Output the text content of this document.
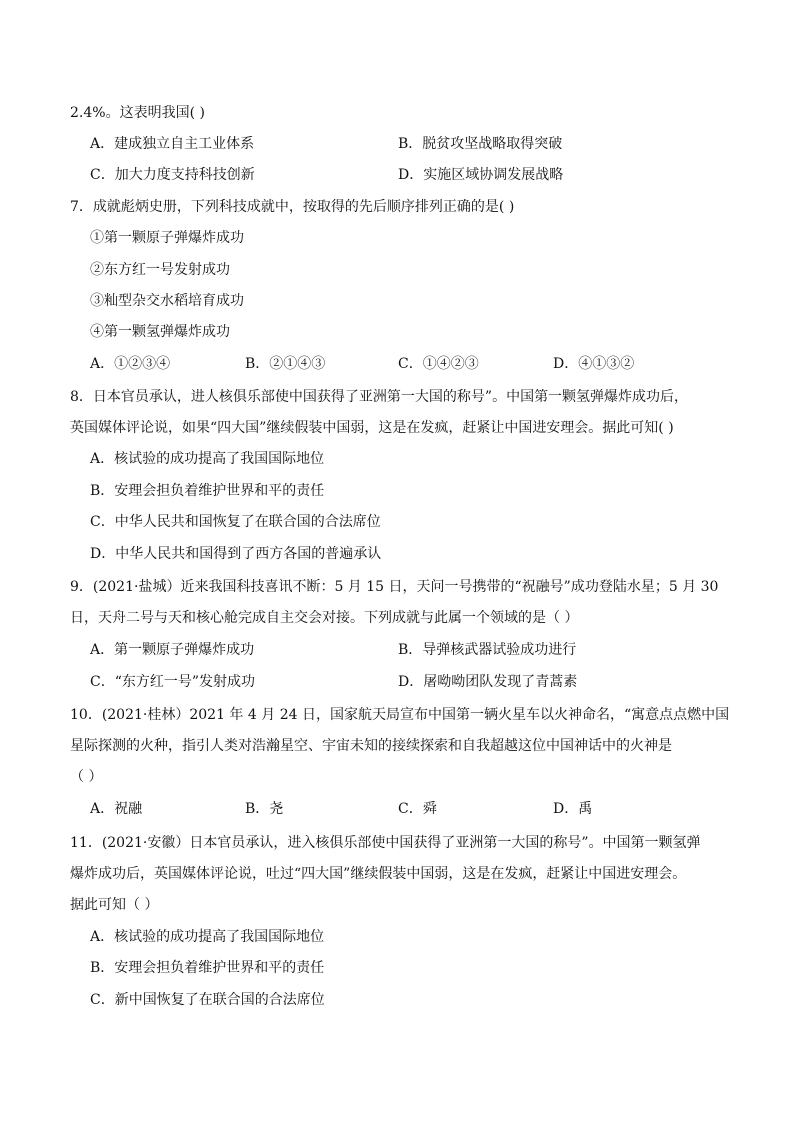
2.4%。这表明我国( )
A．建成独立自主工业体系	B．脱贫攻坚战略取得突破
C．加大力度支持科技创新	D．实施区域协调发展战略
7．成就彪炳史册，下列科技成就中，按取得的先后顺序排列正确的是( )
①第一颗原子弹爆炸成功
②东方红一号发射成功
③籼型杂交水稻培育成功
④第一颗氢弹爆炸成功
A．①②③④	B．②①④③	C．①④②③	D．④①③②
8．日本官员承认，进人核俱乐部使中国获得了亚洲第一大国的称号”。中国第一颗氢弹爆炸成功后，
英国媒体评论说，如果“四大国”继续假装中国弱，这是在发疯，赶紧让中国进安理会。据此可知( )
A．核试验的成功提高了我国国际地位
B．安理会担负着维护世界和平的责任
C．中华人民共和国恢复了在联合国的合法席位
D．中华人民共和国得到了西方各国的普遍承认
9．(2021·盐城）近来我国科技喜讯不断：5 月 15 日，天问一号携带的“祝融号”成功登陆水星；5 月 30
日，天舟二号与天和核心舱完成自主交会对接。下列成就与此属一个领域的是（ ）
A．第一颗原子弹爆炸成功	B．导弹核武器试验成功进行
C．“东方红一号”发射成功	D．屠呦呦团队发现了青蒿素
10．(2021·桂林）2021 年 4 月 24 日，国家航天局宣布中国第一辆火星车以火神命名，“寓意点点燃中国
星际探测的火种，指引人类对浩瀚星空、宇宙未知的接续探索和自我超越这位中国神话中的火神是
（ ）
A．祝融	B．尧	C．舜	D．禹
11．(2021·安徽）日本官员承认，进入核俱乐部使中国获得了亚洲第一大国的称号”。中国第一颗氢弹
爆炸成功后，英国媒体评论说，吐过“四大国”继续假装中国弱，这是在发疯，赶紧让中国进安理会。
据此可知（ ）
A．核试验的成功提高了我国国际地位
B．安理会担负着维护世界和平的责任
C．新中国恢复了在联合国的合法席位
